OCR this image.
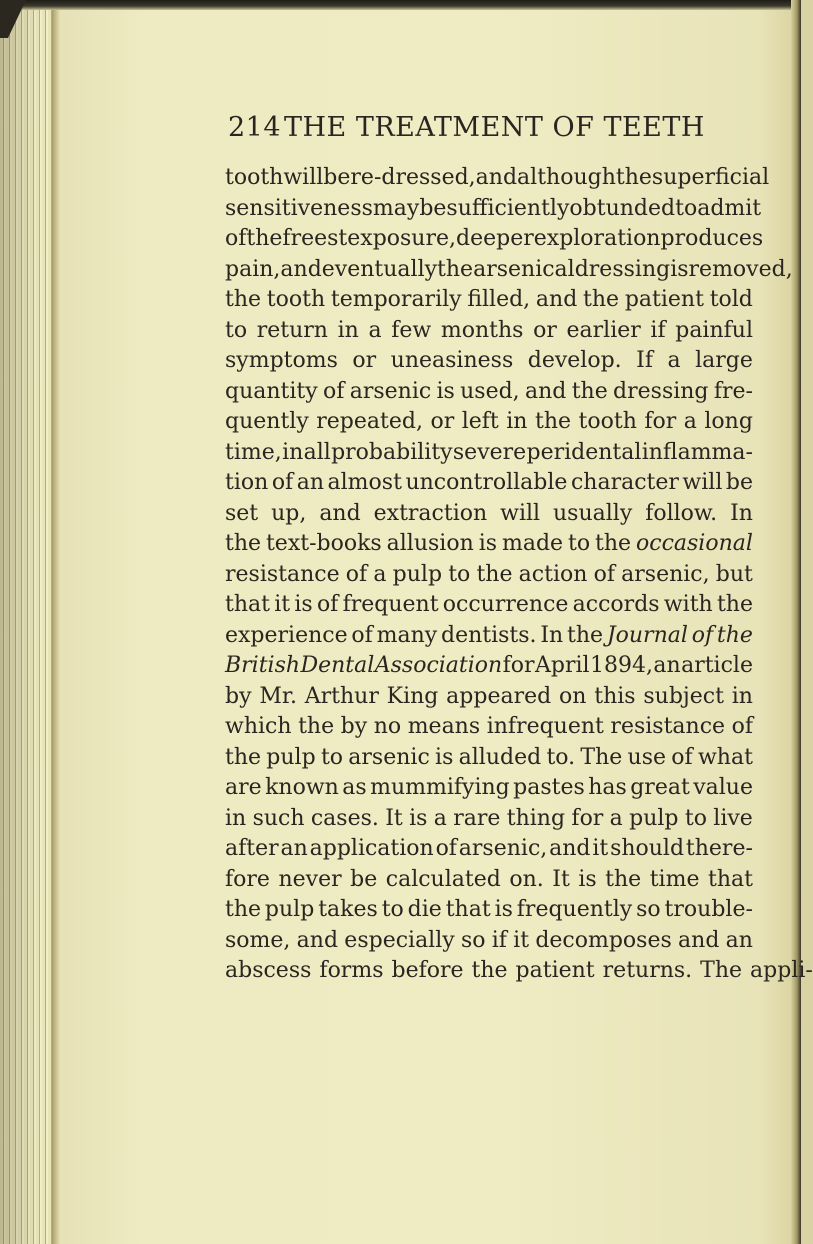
214 THE TREATMENT OF TEETH
tooth will be re-dressed, and although the superficial
sensitiveness may be sufficiently obtunded to admit
of the freest exposure, deeper exploration produces
pain, and eventually the arsenical dressing is removed,
the tooth temporarily filled, and the patient told
to return in a few months or earlier if painful
symptoms or uneasiness develop. If a large
quantity of arsenic is used, and the dressing fre-
quently repeated, or left in the tooth for a long
time, in all probability severe peridental inflamma-
tion of an almost uncontrollable character will be
set up, and extraction will usually follow. In
the text-books allusion is made to the occasional
resistance of a pulp to the action of arsenic, but
that it is of frequent occurrence accords with the
experience of many dentists. In the Journal of the
British Dental Association for April 1894, an article
by Mr. Arthur King appeared on this subject in
which the by no means infrequent resistance of
the pulp to arsenic is alluded to. The use of what
are known as mummifying pastes has great value
in such cases. It is a rare thing for a pulp to live
after an application of arsenic, and it should there-
fore never be calculated on. It is the time that
the pulp takes to die that is frequently so trouble-
some, and especially so if it decomposes and an
abscess forms before the patient returns. The appli-
